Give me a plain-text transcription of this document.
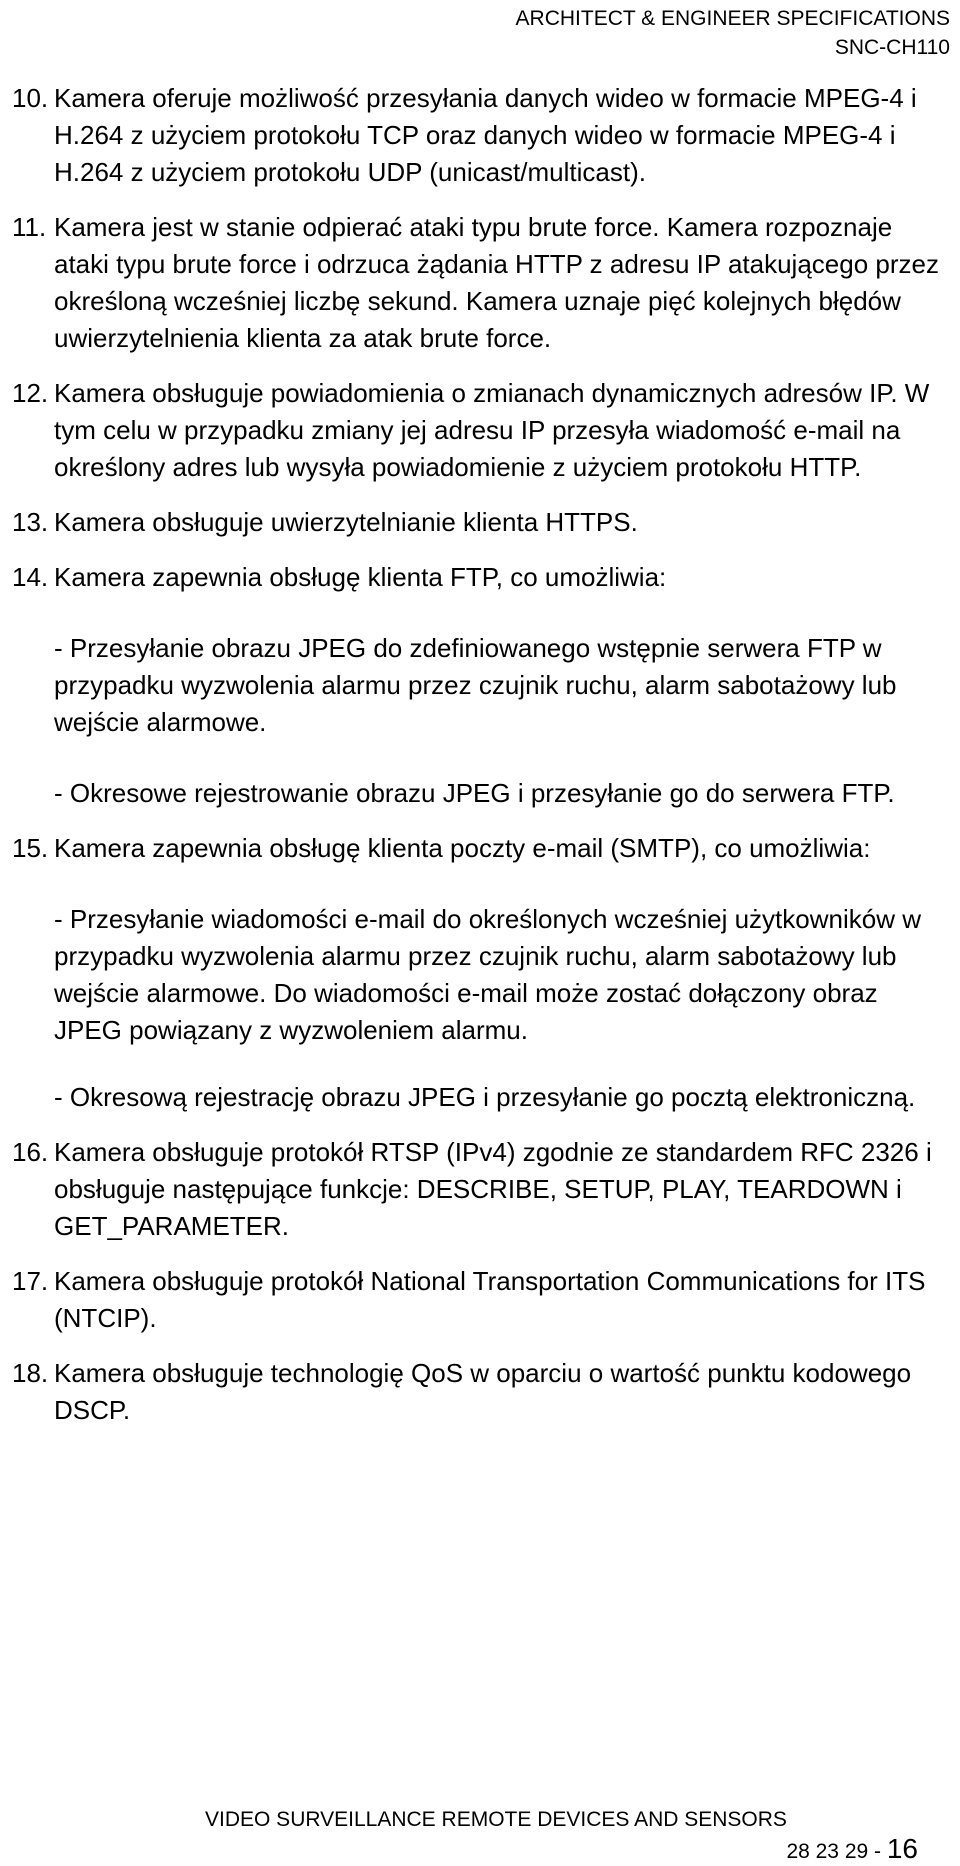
ARCHITECT & ENGINEER SPECIFICATIONS
SNC-CH110
10. Kamera oferuje możliwość przesyłania danych wideo w formacie MPEG-4 i H.264 z użyciem protokołu TCP oraz danych wideo w formacie MPEG-4 i H.264 z użyciem protokołu UDP (unicast/multicast).

11. Kamera jest w stanie odpierać ataki typu brute force. Kamera rozpoznaje ataki typu brute force i odrzuca żądania HTTP z adresu IP atakującego przez określoną wcześniej liczbę sekund. Kamera uznaje pięć kolejnych błędów uwierzytelnienia klienta za atak brute force.

12. Kamera obsługuje powiadomienia o zmianach dynamicznych adresów IP. W tym celu w przypadku zmiany jej adresu IP przesyła wiadomość e-mail na określony adres lub wysyła powiadomienie z użyciem protokołu HTTP.

13. Kamera obsługuje uwierzytelnianie klienta HTTPS.

14. Kamera zapewnia obsługę klienta FTP, co umożliwia:

- Przesyłanie obrazu JPEG do zdefiniowanego wstępnie serwera FTP w przypadku wyzwolenia alarmu przez czujnik ruchu, alarm sabotażowy lub wejście alarmowe.

- Okresowe rejestrowanie obrazu JPEG i przesyłanie go do serwera FTP.

15. Kamera zapewnia obsługę klienta poczty e-mail (SMTP), co umożliwia:

- Przesyłanie wiadomości e-mail do określonych wcześniej użytkowników w przypadku wyzwolenia alarmu przez czujnik ruchu, alarm sabotażowy lub wejście alarmowe. Do wiadomości e-mail może zostać dołączony obraz JPEG powiązany z wyzwoleniem alarmu.

- Okresową rejestrację obrazu JPEG i przesyłanie go pocztą elektroniczną.

16. Kamera obsługuje protokół RTSP (IPv4) zgodnie ze standardem RFC 2326 i obsługuje następujące funkcje: DESCRIBE, SETUP, PLAY, TEARDOWN i GET_PARAMETER.

17. Kamera obsługuje protokół National Transportation Communications for ITS (NTCIP).

18. Kamera obsługuje technologię QoS w oparciu o wartość punktu kodowego DSCP.

VIDEO SURVEILLANCE REMOTE DEVICES AND SENSORS
28 23 29 - 16
